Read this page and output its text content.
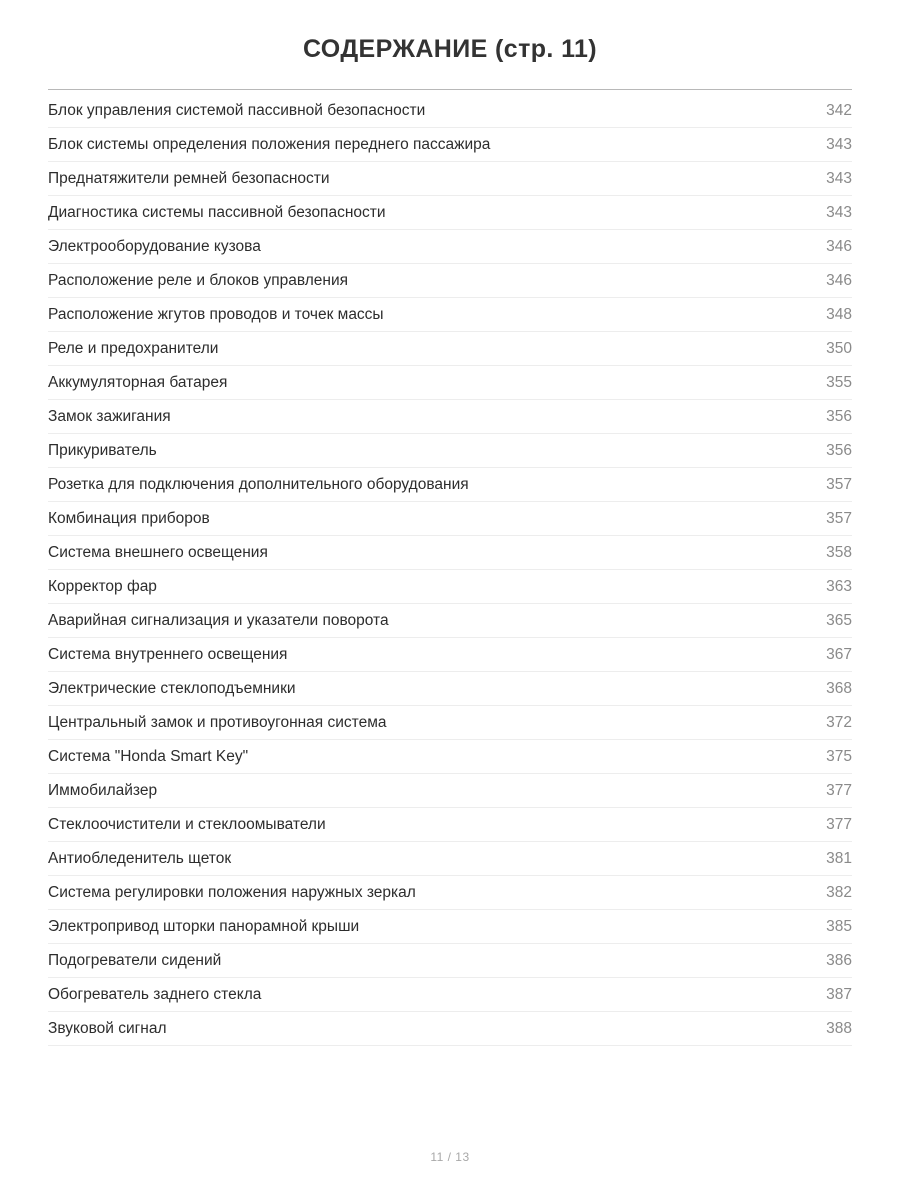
СОДЕРЖАНИЕ (стр. 11)
Блок управления системой пассивной безопасности	342
Блок системы определения положения переднего пассажира	343
Преднатяжители ремней безопасности	343
Диагностика системы пассивной безопасности	343
Электрооборудование кузова	346
Расположение реле и блоков управления	346
Расположение жгутов проводов и точек массы	348
Реле и предохранители	350
Аккумуляторная батарея	355
Замок зажигания	356
Прикуриватель	356
Розетка для подключения дополнительного оборудования	357
Комбинация приборов	357
Система внешнего освещения	358
Корректор фар	363
Аварийная сигнализация и указатели поворота	365
Система внутреннего освещения	367
Электрические стеклоподъемники	368
Центральный замок и противоугонная система	372
Система "Honda Smart Key"	375
Иммобилайзер	377
Стеклоочистители и стеклоомыватели	377
Антиобледенитель щеток	381
Система регулировки положения наружных зеркал	382
Электропривод шторки панорамной крыши	385
Подогреватели сидений	386
Обогреватель заднего стекла	387
Звуковой сигнал	388
11 / 13
